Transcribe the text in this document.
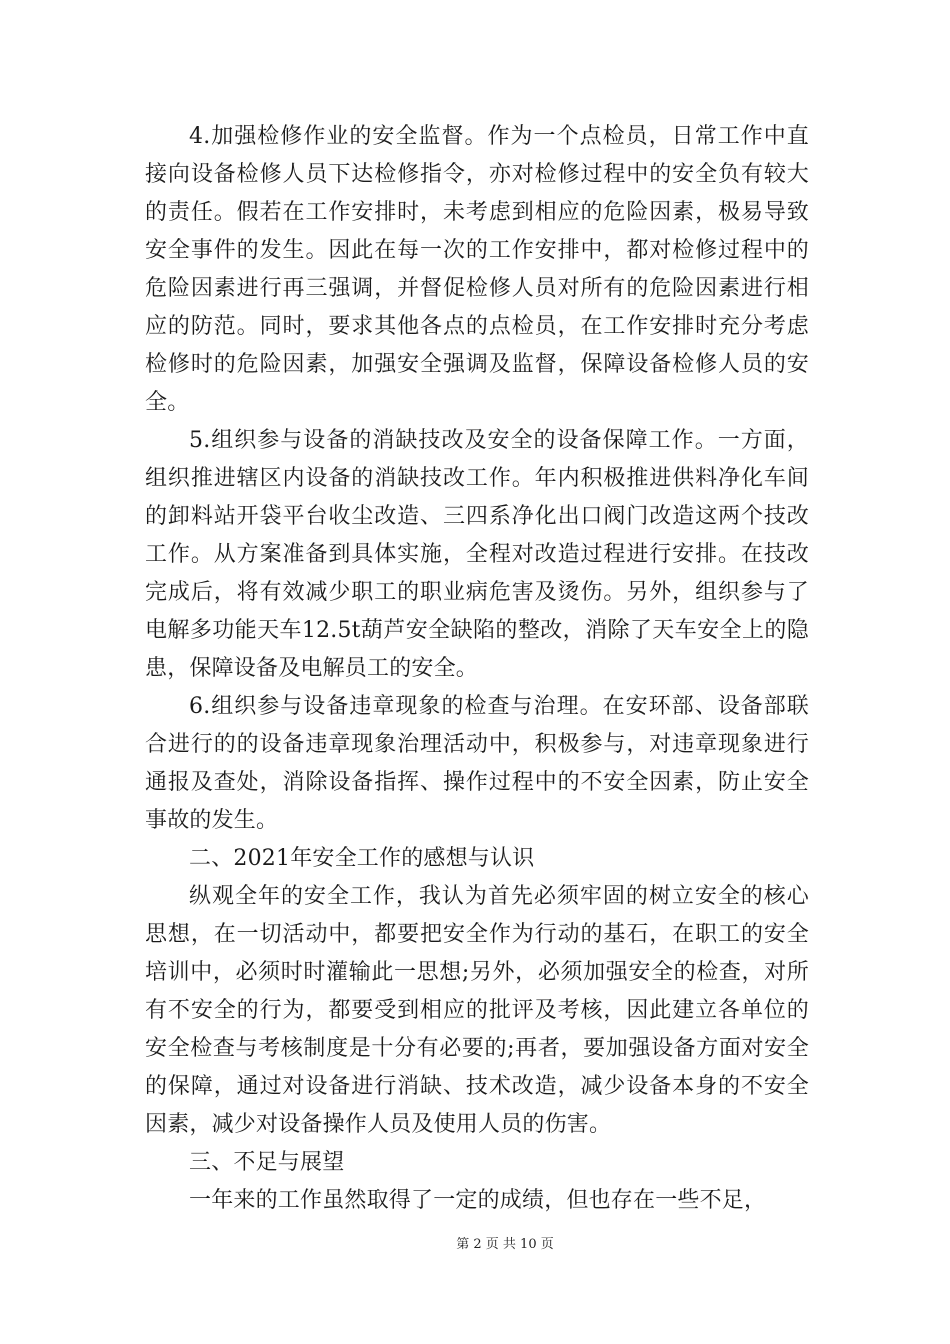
4.加强检修作业的安全监督。作为一个点检员，日常工作中直接向设备检修人员下达检修指令，亦对检修过程中的安全负有较大的责任。假若在工作安排时，未考虑到相应的危险因素，极易导致安全事件的发生。因此在每一次的工作安排中，都对检修过程中的危险因素进行再三强调，并督促检修人员对所有的危险因素进行相应的防范。同时，要求其他各点的点检员，在工作安排时充分考虑检修时的危险因素，加强安全强调及监督，保障设备检修人员的安全。

5.组织参与设备的消缺技改及安全的设备保障工作。一方面，组织推进辖区内设备的消缺技改工作。年内积极推进供料净化车间的卸料站开袋平台收尘改造、三四系净化出口阀门改造这两个技改工作。从方案准备到具体实施，全程对改造过程进行安排。在技改完成后，将有效减少职工的职业病危害及烫伤。另外，组织参与了电解多功能天车12.5t葫芦安全缺陷的整改，消除了天车安全上的隐患，保障设备及电解员工的安全。

6.组织参与设备违章现象的检查与治理。在安环部、设备部联合进行的的设备违章现象治理活动中，积极参与，对违章现象进行通报及查处，消除设备指挥、操作过程中的不安全因素，防止安全事故的发生。

二、2021年安全工作的感想与认识

纵观全年的安全工作，我认为首先必须牢固的树立安全的核心思想，在一切活动中，都要把安全作为行动的基石，在职工的安全培训中，必须时时灌输此一思想;另外，必须加强安全的检查，对所有不安全的行为，都要受到相应的批评及考核，因此建立各单位的安全检查与考核制度是十分有必要的;再者，要加强设备方面对安全的保障，通过对设备进行消缺、技术改造，减少设备本身的不安全因素，减少对设备操作人员及使用人员的伤害。

三、不足与展望

一年来的工作虽然取得了一定的成绩，但也存在一些不足，

第 2 页 共 10 页
